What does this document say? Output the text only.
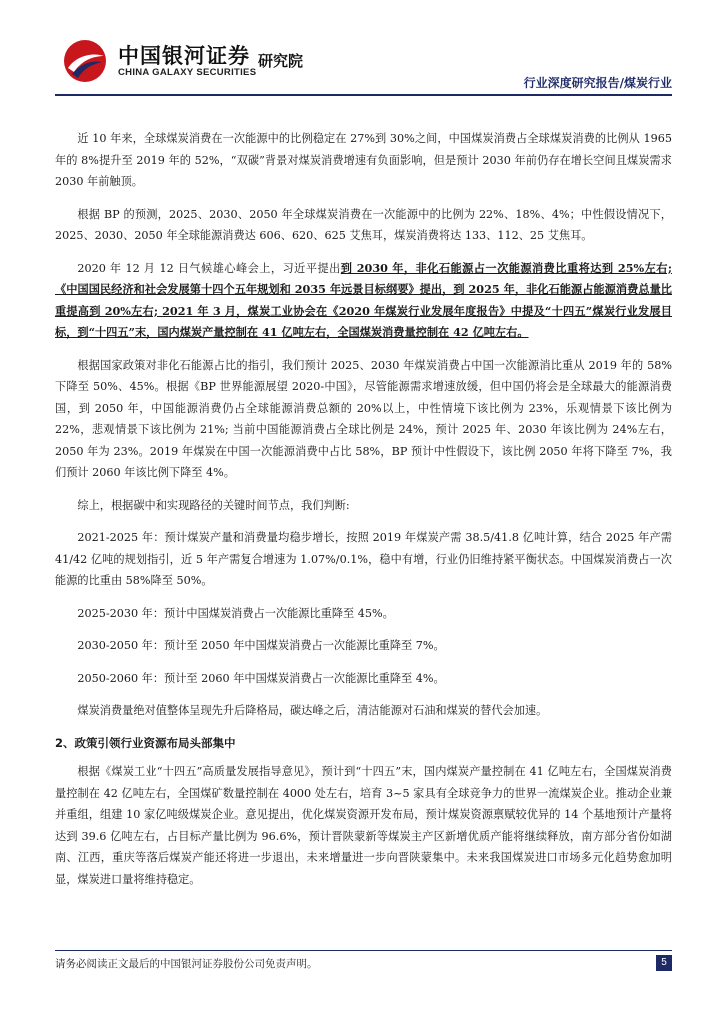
中国银河证券
CHINA GALAXY SECURITIES
研究院
行业深度研究报告/煤炭行业

近 10 年来，全球煤炭消费在一次能源中的比例稳定在 27%到 30%之间，中国煤炭消费占全球煤炭消费的比例从 1965 年的 8%提升至 2019 年的 52%，“双碳”背景对煤炭消费增速有负面影响，但是预计 2030 年前仍存在增长空间且煤炭需求 2030 年前触顶。

根据 BP 的预测，2025、2030、2050 年全球煤炭消费在一次能源中的比例为 22%、18%、4%；中性假设情况下，2025、2030、2050 年全球能源消费达 606、620、625 艾焦耳，煤炭消费将达 133、112、25 艾焦耳。

2020 年 12 月 12 日气候雄心峰会上，习近平提出到 2030 年，非化石能源占一次能源消费比重将达到 25%左右;《中国国民经济和社会发展第十四个五年规划和 2035 年远景目标纲要》提出，到 2025 年，非化石能源占能源消费总量比重提高到 20%左右; 2021 年 3 月，煤炭工业协会在《2020 年煤炭行业发展年度报告》中提及“十四五”煤炭行业发展目标，到“十四五”末，国内煤炭产量控制在 41 亿吨左右，全国煤炭消费量控制在 42 亿吨左右。

根据国家政策对非化石能源占比的指引，我们预计 2025、2030 年煤炭消费占中国一次能源消比重从 2019 年的 58%下降至 50%、45%。根据《BP 世界能源展望 2020-中国》，尽管能源需求增速放缓，但中国仍将会是全球最大的能源消费国，到 2050 年，中国能源消费仍占全球能源消费总额的 20%以上，中性情境下该比例为 23%，乐观情景下该比例为 22%，悲观情景下该比例为 21%; 当前中国能源消费占全球比例是 24%，预计 2025 年、2030 年该比例为 24%左右，2050 年为 23%。2019 年煤炭在中国一次能源消费中占比 58%，BP 预计中性假设下，该比例 2050 年将下降至 7%，我们预计 2060 年该比例下降至 4%。

综上，根据碳中和实现路径的关键时间节点，我们判断:

2021-2025 年：预计煤炭产量和消费量均稳步增长，按照 2019 年煤炭产需 38.5/41.8 亿吨计算，结合 2025 年产需 41/42 亿吨的规划指引，近 5 年产需复合增速为 1.07%/0.1%，稳中有增，行业仍旧维持紧平衡状态。中国煤炭消费占一次能源的比重由 58%降至 50%。

2025-2030 年：预计中国煤炭消费占一次能源比重降至 45%。

2030-2050 年：预计至 2050 年中国煤炭消费占一次能源比重降至 7%。

2050-2060 年：预计至 2060 年中国煤炭消费占一次能源比重降至 4%。

煤炭消费量绝对值整体呈现先升后降格局，碳达峰之后，清洁能源对石油和煤炭的替代会加速。

2、政策引领行业资源布局头部集中

根据《煤炭工业“十四五”高质量发展指导意见》，预计到“十四五”末，国内煤炭产量控制在 41 亿吨左右，全国煤炭消费量控制在 42 亿吨左右，全国煤矿数量控制在 4000 处左右，培育 3~5 家具有全球竞争力的世界一流煤炭企业。推动企业兼并重组，组建 10 家亿吨级煤炭企业。意见提出，优化煤炭资源开发布局，预计煤炭资源禀赋较优异的 14 个基地预计产量将达到 39.6 亿吨左右，占目标产量比例为 96.6%，预计晋陕蒙新等煤炭主产区新增优质产能将继续释放，南方部分省份如湖南、江西，重庆等落后煤炭产能还将进一步退出，未来增量进一步向晋陕蒙集中。未来我国煤炭进口市场多元化趋势愈加明显，煤炭进口量将维持稳定。

请务必阅读正文最后的中国银河证券股份公司免责声明。	5
